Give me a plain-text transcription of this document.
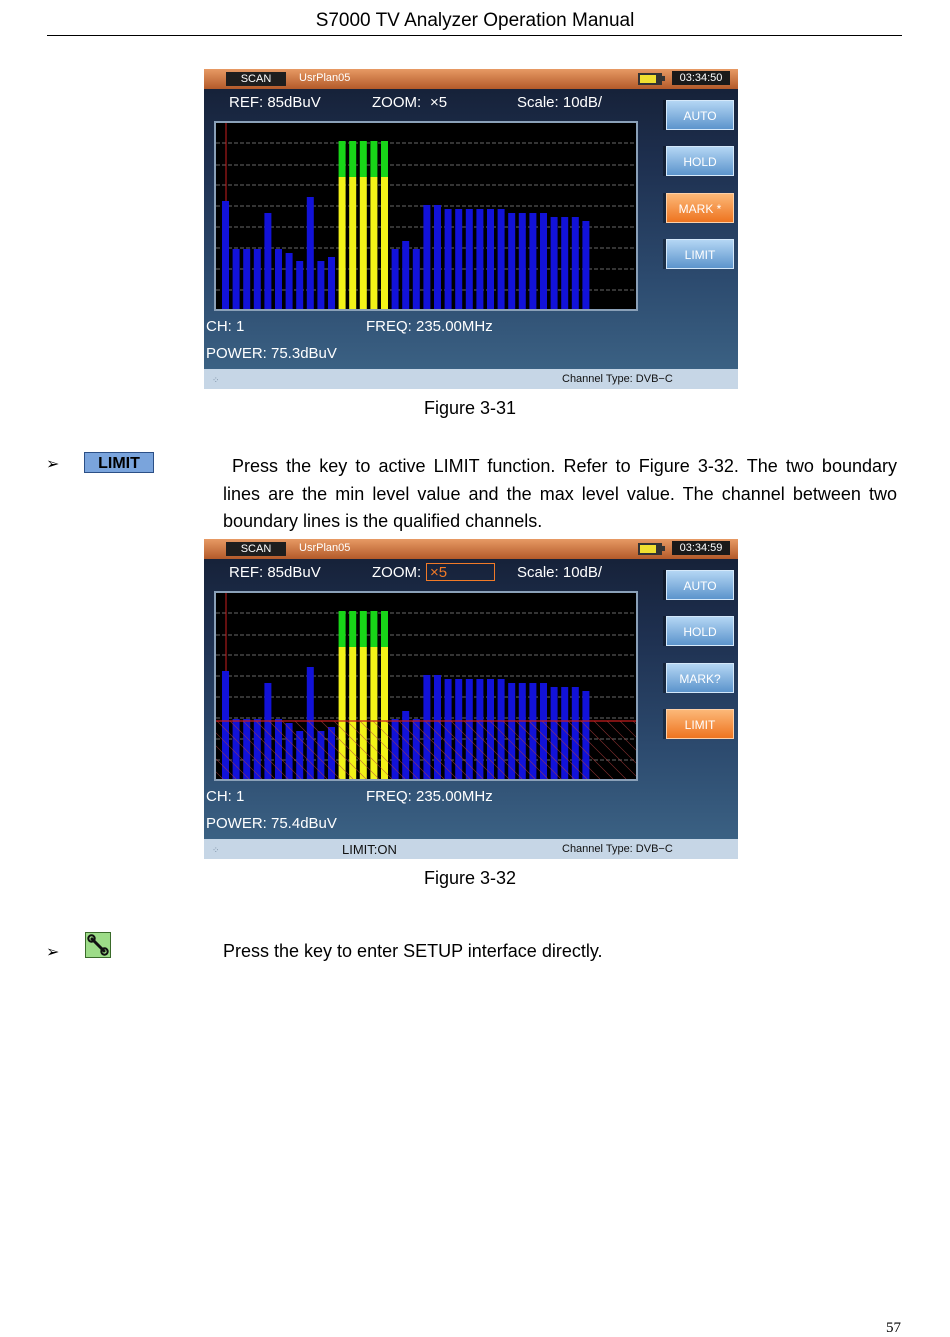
S7000 TV Analyzer Operation Manual
SCAN	UsrPlan05	03:34:50
REF: 85dBuV	ZOOM: ×5	Scale: 10dB/
AUTO
HOLD
MARK *
LIMIT
CH: 1	FREQ: 235.00MHz
POWER: 75.3dBuV
⁘	Channel Type: DVB−C
Figure 3-31
➢	LIMIT	Press the key to active LIMIT function. Refer to Figure 3-32. The two boundary lines are the min level value and the max level value. The channel between two boundary lines is the qualified channels.
SCAN	UsrPlan05	03:34:59
REF: 85dBuV	ZOOM: ×5	Scale: 10dB/
AUTO
HOLD
MARK?
LIMIT
CH: 1	FREQ: 235.00MHz
POWER: 75.4dBuV
⁘	LIMIT:ON	Channel Type: DVB−C
Figure 3-32
➢	Press the key to enter SETUP interface directly.
57
